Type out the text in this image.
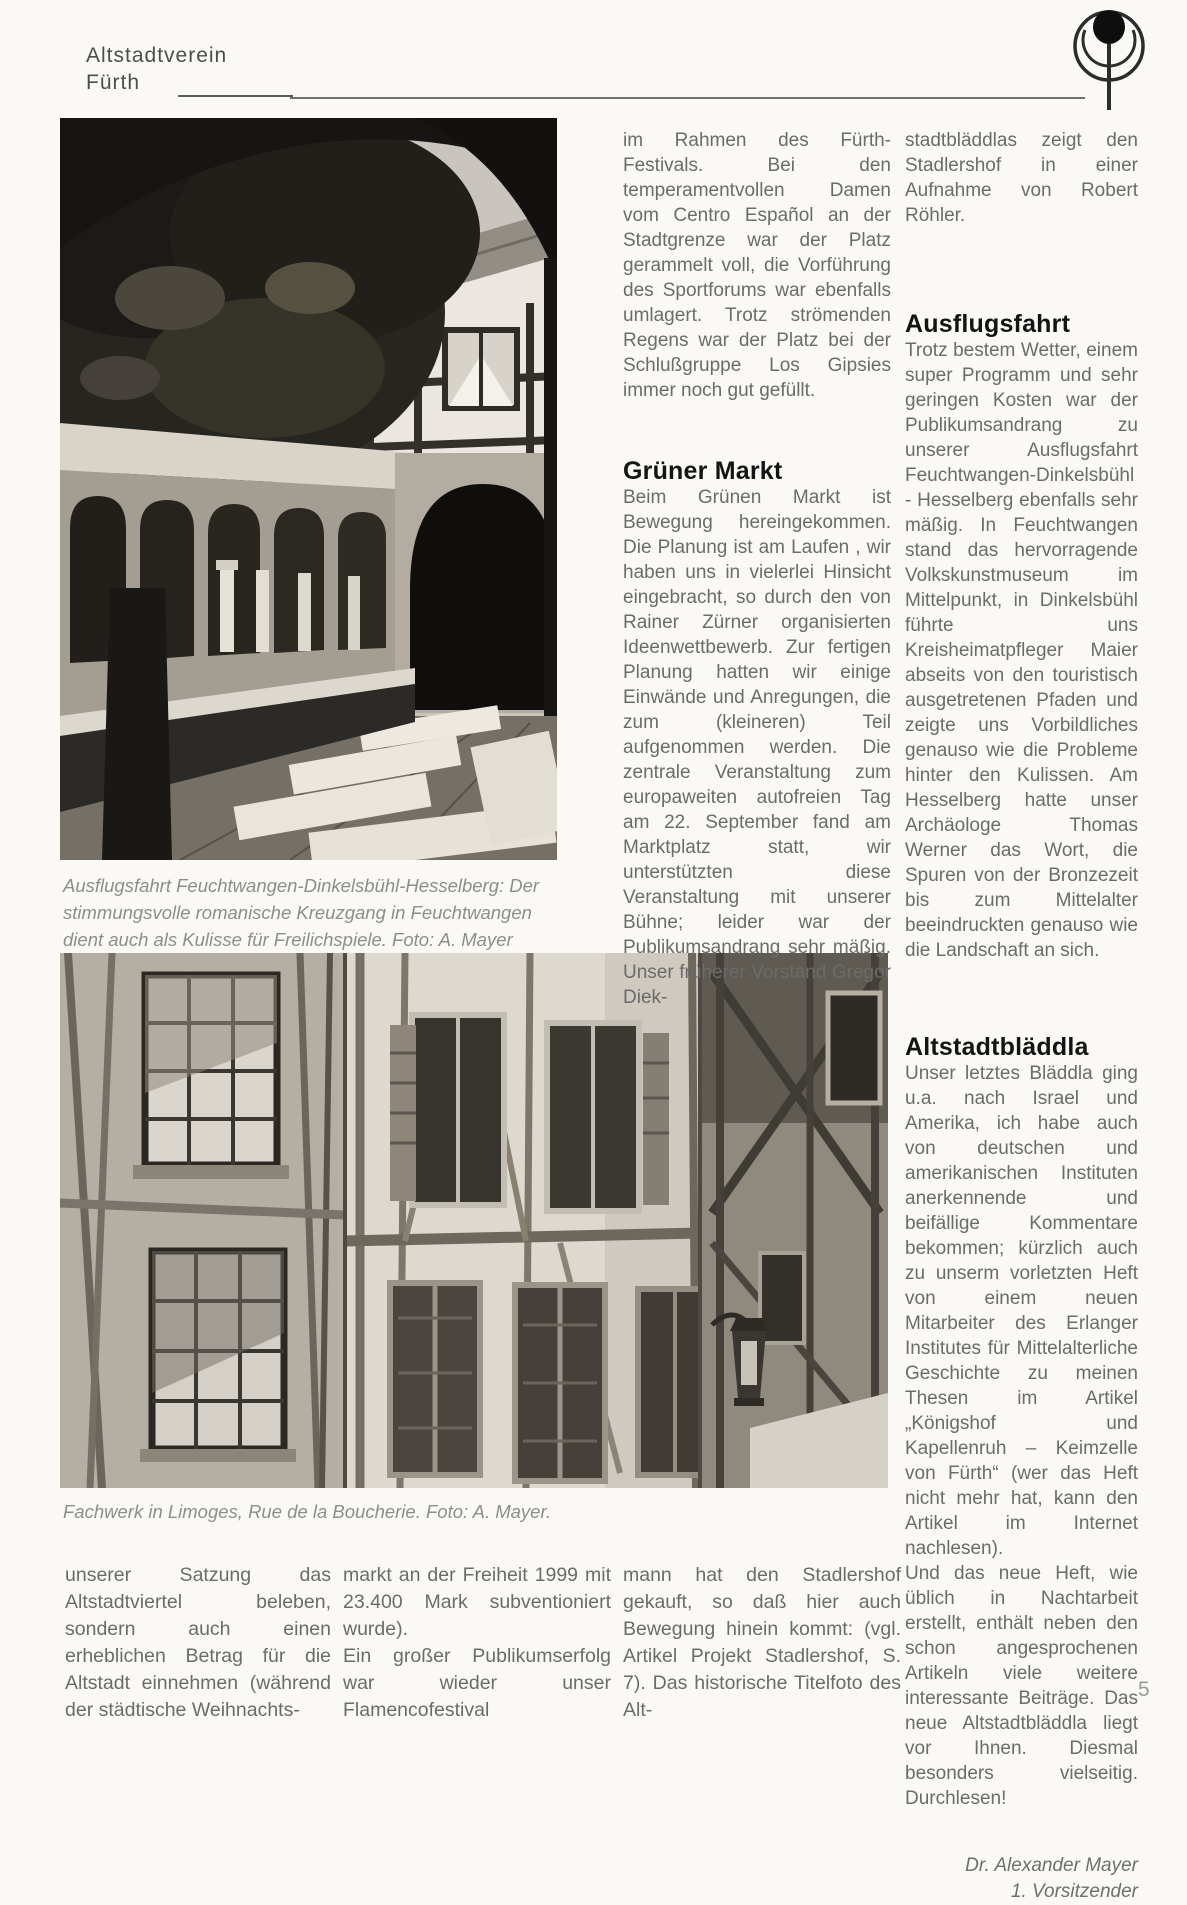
Altstadtverein
Fürth
Ausflugsfahrt Feuchtwangen-Dinkelsbühl-Hesselberg: Der stimmungsvolle romanische Kreuzgang in Feuchtwangen dient auch als Kulisse für Freilichspiele. Foto: A. Mayer
Fachwerk in Limoges, Rue de la Boucherie. Foto: A. Mayer.

im Rahmen des Fürth-Festivals. Bei den temperamentvollen Damen vom Centro Español an der Stadtgrenze war der Platz gerammelt voll, die Vorführung des Sportforums war ebenfalls umlagert. Trotz strömenden Regens war der Platz bei der Schlußgruppe Los Gipsies immer noch gut gefüllt.

Grüner Markt

Beim Grünen Markt ist Bewegung hereingekommen. Die Planung ist am Laufen , wir haben uns in vielerlei Hinsicht eingebracht, so durch den von Rainer Zürner organisierten Ideenwettbewerb. Zur fertigen Planung hatten wir einige Einwände und Anregungen, die zum (kleineren) Teil aufgenommen werden. Die zentrale Veranstaltung zum europaweiten autofreien Tag am 22. September fand am Marktplatz statt, wir unterstützten diese Veranstaltung mit unserer Bühne; leider war der Publikumsandrang sehr mäßig. Unser früherer Vorstand Gregor Diek-

stadtbläddlas zeigt den Stadlershof in einer Aufnahme von Robert Röhler.

Ausflugsfahrt

Trotz bestem Wetter, einem super Programm und sehr geringen Kosten war der Publikumsandrang zu unserer Ausflugsfahrt Feuchtwangen-Dinkelsbühl - Hesselberg ebenfalls sehr mäßig. In Feuchtwangen stand das hervorragende Volkskunstmuseum im Mittelpunkt, in Dinkelsbühl führte uns Kreisheimatpfleger Maier abseits von den touristisch ausgetretenen Pfaden und zeigte uns Vorbildliches genauso wie die Probleme hinter den Kulissen. Am Hesselberg hatte unser Archäologe Thomas Werner das Wort, die Spuren von der Bronzezeit bis zum Mittelalter beeindruckten genauso wie die Landschaft an sich.

Altstadtbläddla

Unser letztes Bläddla ging u.a. nach Israel und Amerika, ich habe auch von deutschen und amerikanischen Instituten anerkennende und beifällige Kommentare bekommen; kürzlich auch zu unserm vorletzten Heft von einem neuen Mitarbeiter des Erlanger Institutes für Mittelalterliche Geschichte zu meinen Thesen im Artikel „Königshof und Kapellenruh – Keimzelle von Fürth“ (wer das Heft nicht mehr hat, kann den Artikel im Internet nachlesen).

Und das neue Heft, wie üblich in Nachtarbeit erstellt, enthält neben den schon angesprochenen Artikeln viele weitere interessante Beiträge. Das neue Altstadtbläddla liegt vor Ihnen. Diesmal besonders vielseitig. Durchlesen!

Dr. Alexander Mayer
1. Vorsitzender

unserer Satzung das Altstadtviertel beleben, sondern auch einen erheblichen Betrag für die Altstadt einnehmen (während der städtische Weihnachts-

markt an der Freiheit 1999 mit 23.400 Mark subventioniert wurde).

Ein großer Publikumserfolg war wieder unser Flamencofestival

mann hat den Stadlershof gekauft, so daß hier auch Bewegung hinein kommt: (vgl. Artikel Projekt Stadlershof, S. 7). Das historische Titelfoto des Alt-

5
